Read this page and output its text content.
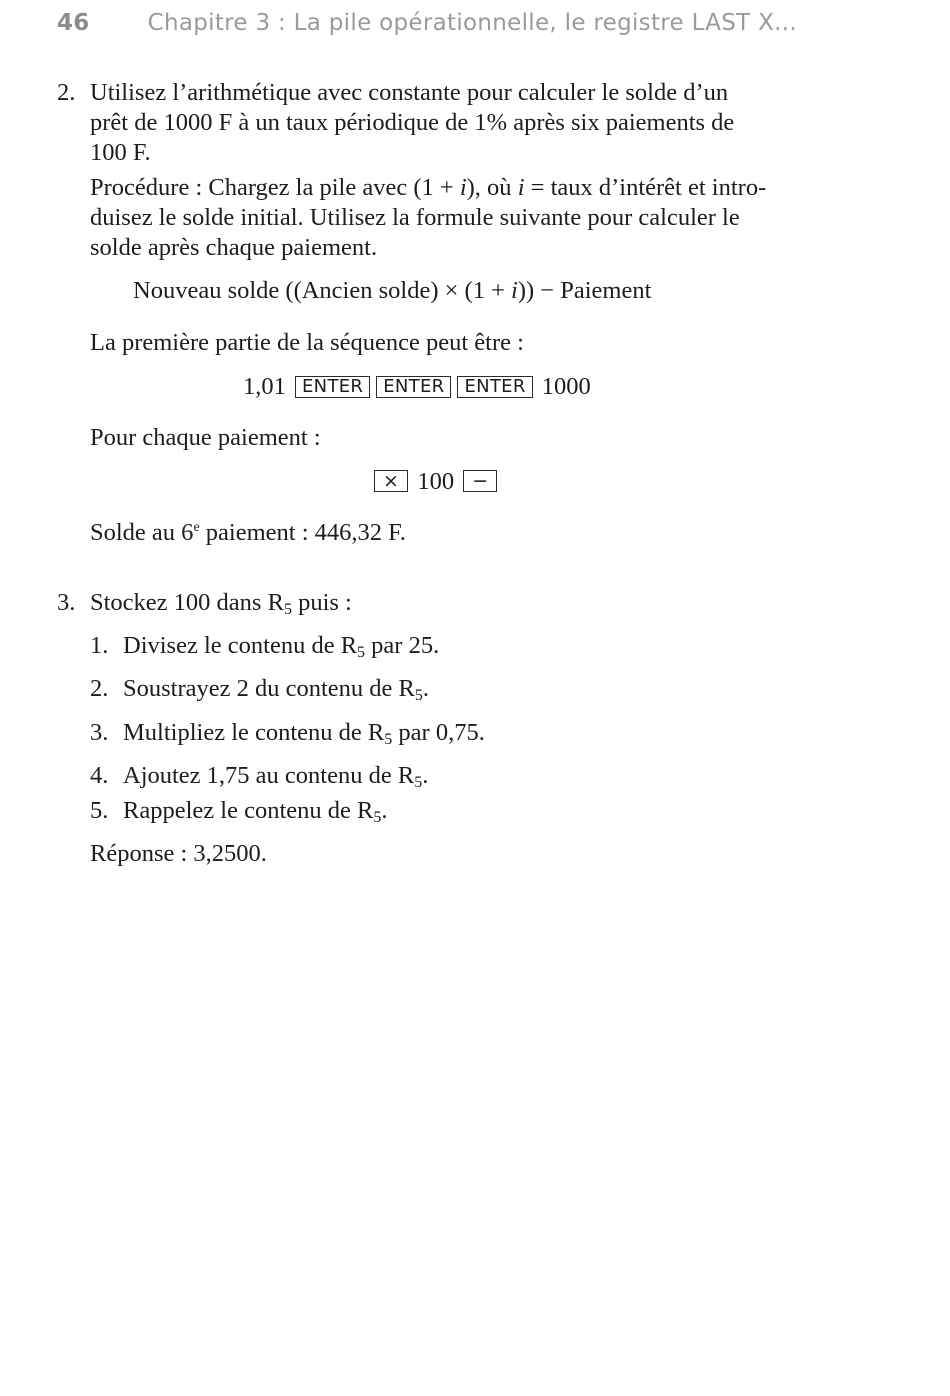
46	Chapitre 3 : La pile opérationnelle, le registre LAST X...
2. Utilisez l’arithmétique avec constante pour calculer le solde d’un
prêt de 1000 F à un taux périodique de 1% après six paiements de
100 F.
Procédure : Chargez la pile avec (1 + i), où i = taux d’intérêt et intro-
duisez le solde initial. Utilisez la formule suivante pour calculer le
solde après chaque paiement.
Nouveau solde ((Ancien solde) × (1 + i)) − Paiement
La première partie de la séquence peut être :
1,01 ENTER ENTER ENTER 1000
Pour chaque paiement :
× 100 −
Solde au 6e paiement : 446,32 F.
3. Stockez 100 dans $R_5$ puis :
1. Divisez le contenu de $R_5$ par 25.
2. Soustrayez 2 du contenu de $R_5$.
3. Multipliez le contenu de $R_5$ par 0,75.
4. Ajoutez 1,75 au contenu de $R_5$.
5. Rappelez le contenu de $R_5$.
Réponse : 3,2500.
